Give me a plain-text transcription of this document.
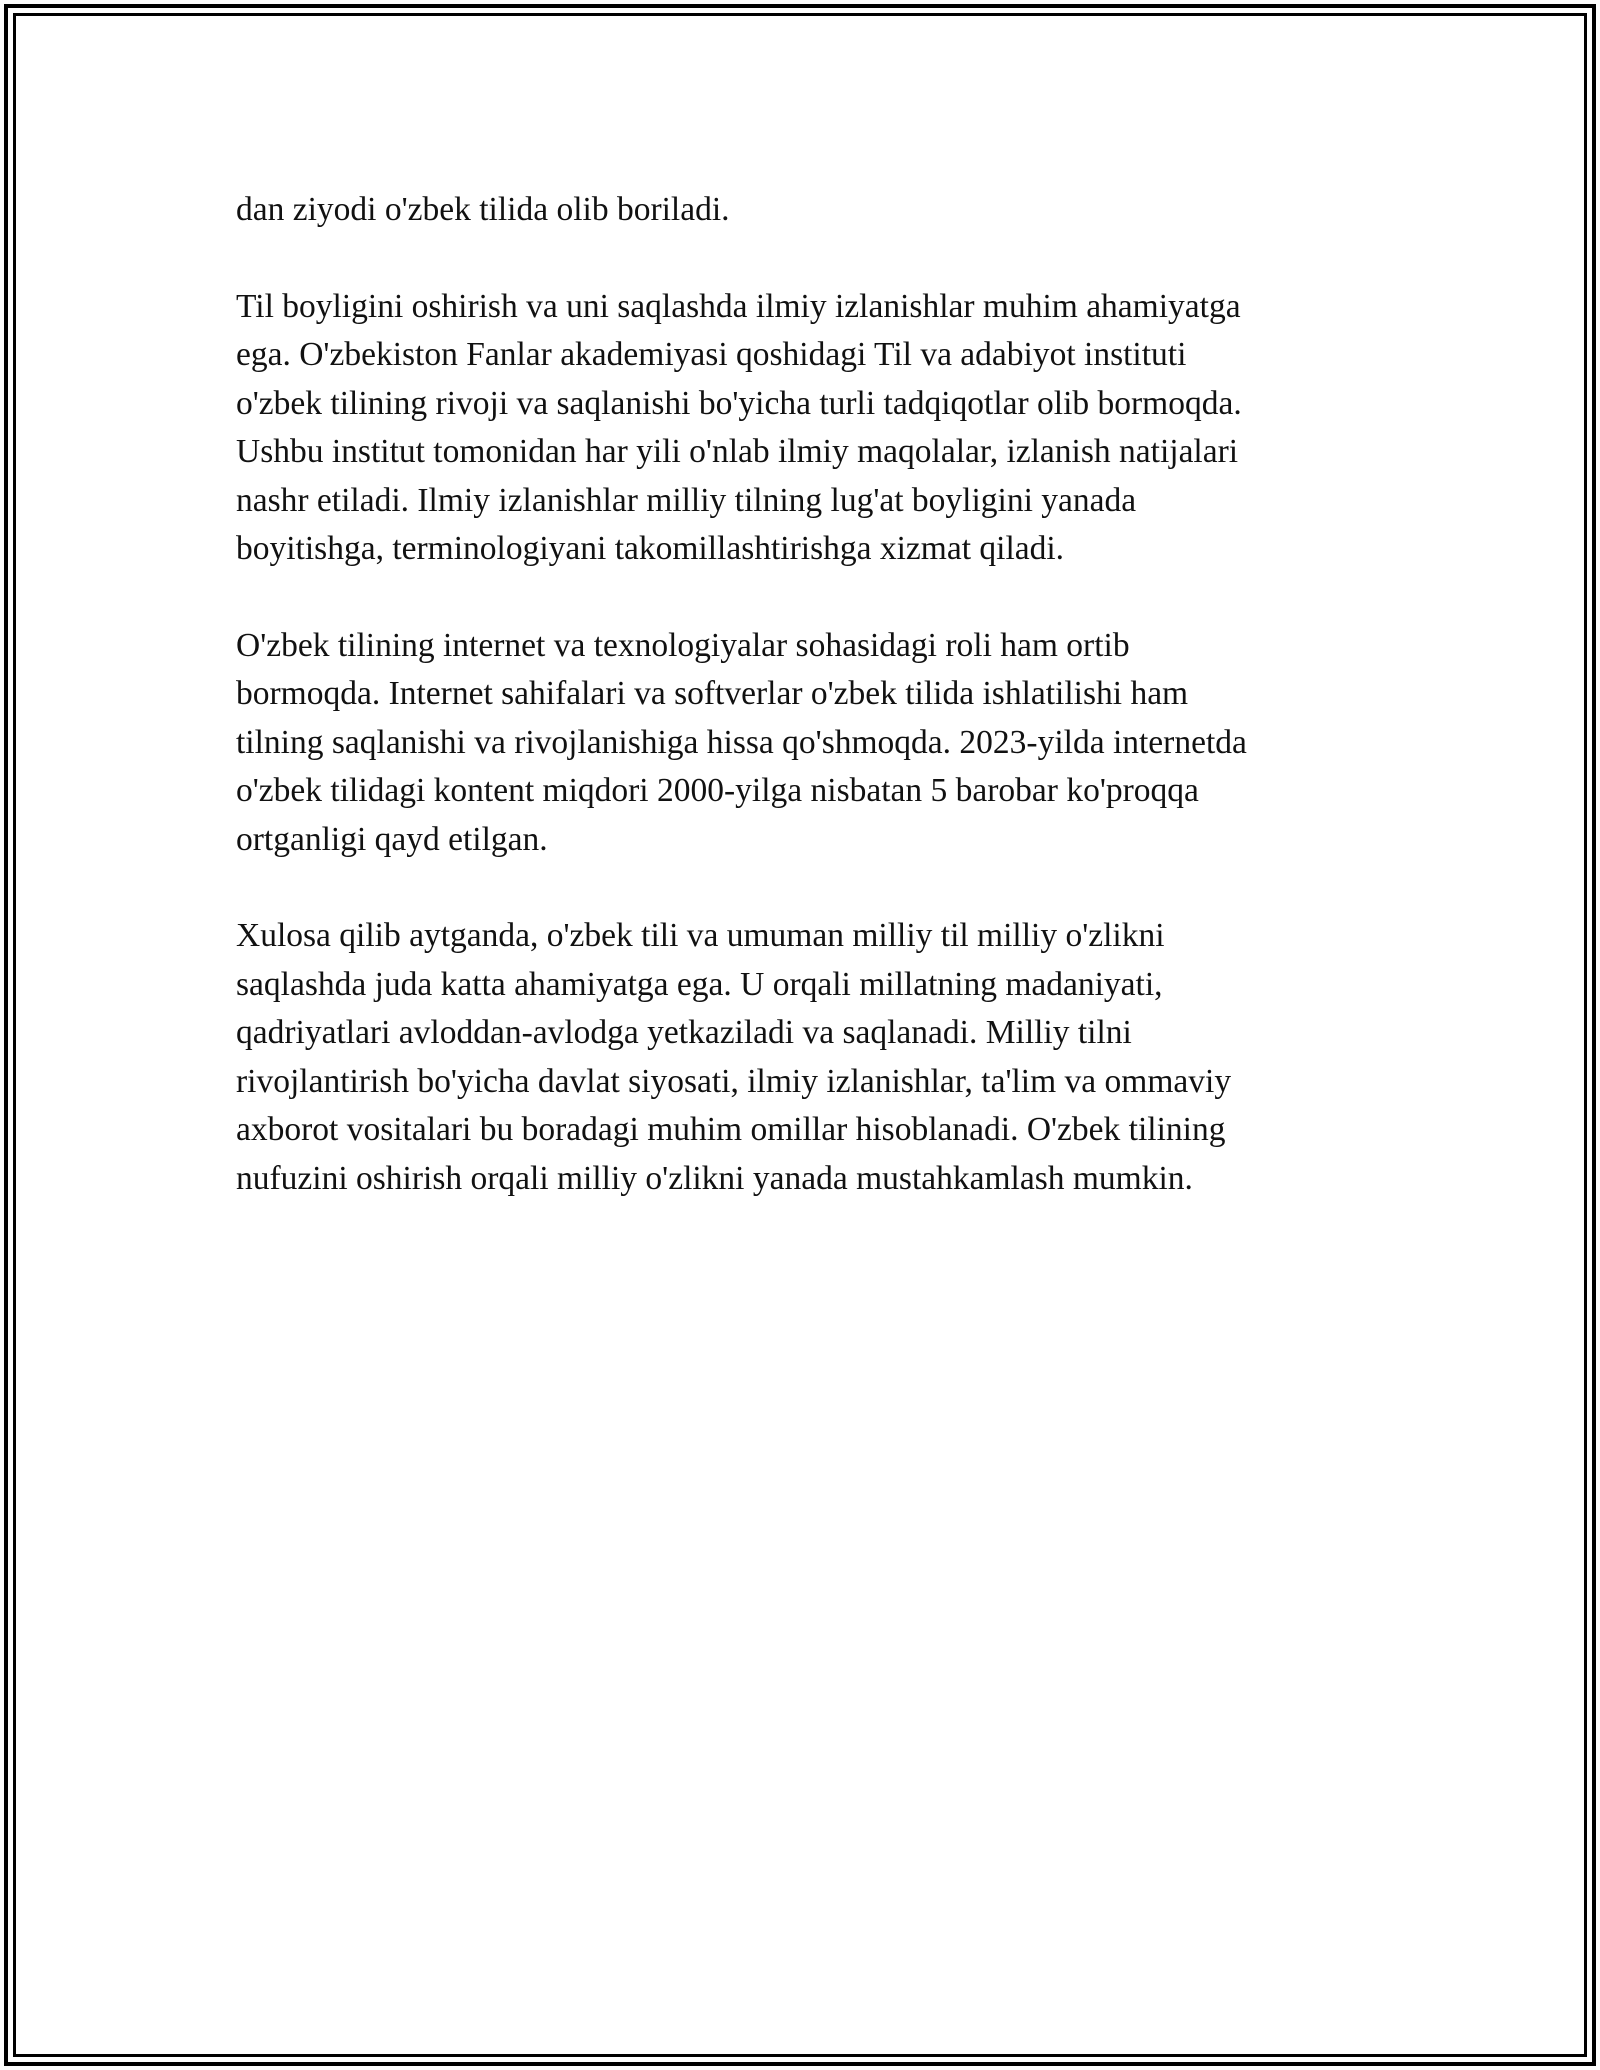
dan ziyodi o'zbek tilida olib boriladi.

Til boyligini oshirish va uni saqlashda ilmiy izlanishlar muhim ahamiyatga
ega. O'zbekiston Fanlar akademiyasi qoshidagi Til va adabiyot instituti
o'zbek tilining rivoji va saqlanishi bo'yicha turli tadqiqotlar olib bormoqda.
Ushbu institut tomonidan har yili o'nlab ilmiy maqolalar, izlanish natijalari
nashr etiladi. Ilmiy izlanishlar milliy tilning lug'at boyligini yanada
boyitishga, terminologiyani takomillashtirishga xizmat qiladi.

O'zbek tilining internet va texnologiyalar sohasidagi roli ham ortib
bormoqda. Internet sahifalari va softverlar o'zbek tilida ishlatilishi ham
tilning saqlanishi va rivojlanishiga hissa qo'shmoqda. 2023-yilda internetda
o'zbek tilidagi kontent miqdori 2000-yilga nisbatan 5 barobar ko'proqqa
ortganligi qayd etilgan.

Xulosa qilib aytganda, o'zbek tili va umuman milliy til milliy o'zlikni
saqlashda juda katta ahamiyatga ega. U orqali millatning madaniyati,
qadriyatlari avloddan-avlodga yetkaziladi va saqlanadi. Milliy tilni
rivojlantirish bo'yicha davlat siyosati, ilmiy izlanishlar, ta'lim va ommaviy
axborot vositalari bu boradagi muhim omillar hisoblanadi. O'zbek tilining
nufuzini oshirish orqali milliy o'zlikni yanada mustahkamlash mumkin.
